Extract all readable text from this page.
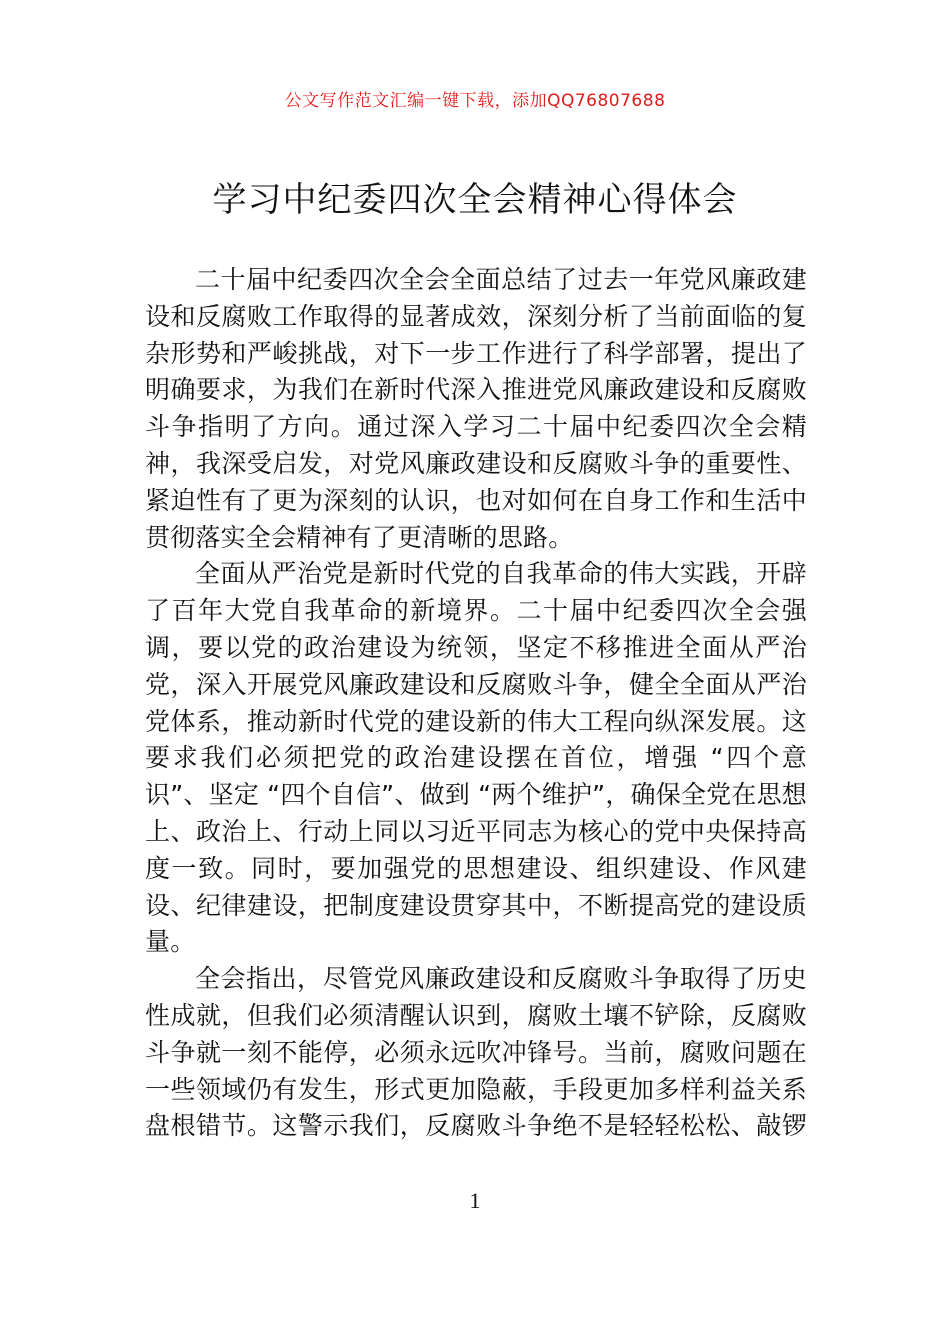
公文写作范文汇编一键下载，添加QQ76807688
学习中纪委四次全会精神心得体会

二十届中纪委四次全会全面总结了过去一年党风廉政建设和反腐败工作取得的显著成效，深刻分析了当前面临的复杂形势和严峻挑战，对下一步工作进行了科学部署，提出了明确要求，为我们在新时代深入推进党风廉政建设和反腐败斗争指明了方向。通过深入学习二十届中纪委四次全会精神，我深受启发，对党风廉政建设和反腐败斗争的重要性、紧迫性有了更为深刻的认识，也对如何在自身工作和生活中贯彻落实全会精神有了更清晰的思路。

全面从严治党是新时代党的自我革命的伟大实践，开辟了百年大党自我革命的新境界。二十届中纪委四次全会强调，要以党的政治建设为统领，坚定不移推进全面从严治党，深入开展党风廉政建设和反腐败斗争，健全全面从严治党体系，推动新时代党的建设新的伟大工程向纵深发展。这要求我们必须把党的政治建设摆在首位，增强 “四个意识”、坚定 “四个自信”、做到 “两个维护”，确保全党在思想上、政治上、行动上同以习近平同志为核心的党中央保持高度一致。同时，要加强党的思想建设、组织建设、作风建设、纪律建设，把制度建设贯穿其中，不断提高党的建设质量。

全会指出，尽管党风廉政建设和反腐败斗争取得了历史性成就，但我们必须清醒认识到，腐败土壤不铲除，反腐败斗争就一刻不能停，必须永远吹冲锋号。当前，腐败问题在一些领域仍有发生，形式更加隐蔽，手段更加多样利益关系盘根错节。这警示我们，反腐败斗争绝不是轻轻松松、敲锣

1
